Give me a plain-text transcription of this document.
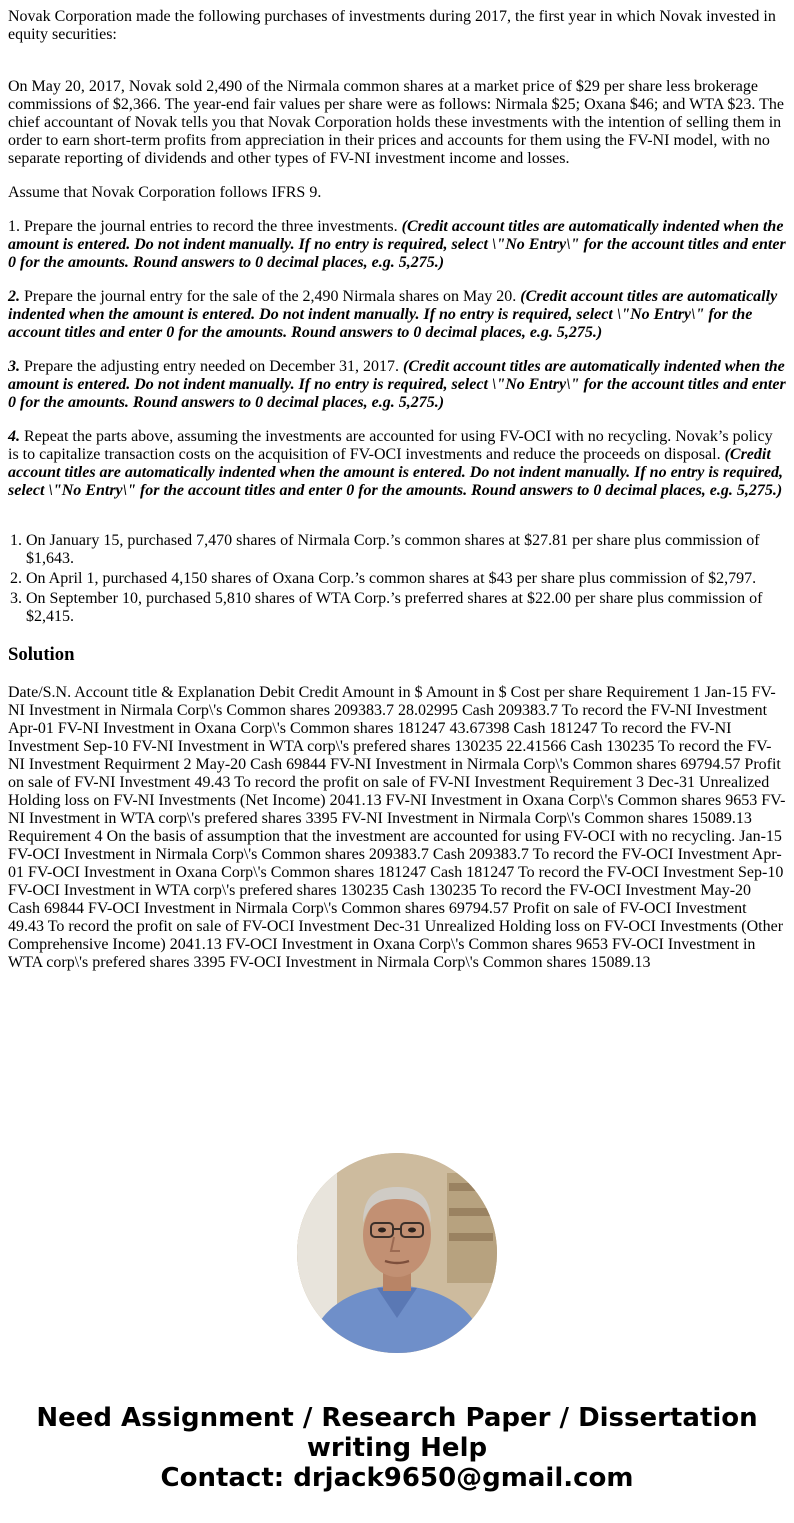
Novak Corporation made the following purchases of investments during 2017, the first year in which Novak invested in equity securities:

On May 20, 2017, Novak sold 2,490 of the Nirmala common shares at a market price of $29 per share less brokerage commissions of $2,366. The year-end fair values per share were as follows: Nirmala $25; Oxana $46; and WTA $23. The chief accountant of Novak tells you that Novak Corporation holds these investments with the intention of selling them in order to earn short-term profits from appreciation in their prices and accounts for them using the FV-NI model, with no separate reporting of dividends and other types of FV-NI investment income and losses.

Assume that Novak Corporation follows IFRS 9.

1. Prepare the journal entries to record the three investments. (Credit account titles are automatically indented when the amount is entered. Do not indent manually. If no entry is required, select \"No Entry\" for the account titles and enter 0 for the amounts. Round answers to 0 decimal places, e.g. 5,275.)

2. Prepare the journal entry for the sale of the 2,490 Nirmala shares on May 20. (Credit account titles are automatically indented when the amount is entered. Do not indent manually. If no entry is required, select \"No Entry\" for the account titles and enter 0 for the amounts. Round answers to 0 decimal places, e.g. 5,275.)

3. Prepare the adjusting entry needed on December 31, 2017. (Credit account titles are automatically indented when the amount is entered. Do not indent manually. If no entry is required, select \"No Entry\" for the account titles and enter 0 for the amounts. Round answers to 0 decimal places, e.g. 5,275.)

4. Repeat the parts above, assuming the investments are accounted for using FV-OCI with no recycling. Novak’s policy is to capitalize transaction costs on the acquisition of FV-OCI investments and reduce the proceeds on disposal. (Credit account titles are automatically indented when the amount is entered. Do not indent manually. If no entry is required, select \"No Entry\" for the account titles and enter 0 for the amounts. Round answers to 0 decimal places, e.g. 5,275.)

1. On January 15, purchased 7,470 shares of Nirmala Corp.’s common shares at $27.81 per share plus commission of $1,643.
2. On April 1, purchased 4,150 shares of Oxana Corp.’s common shares at $43 per share plus commission of $2,797.
3. On September 10, purchased 5,810 shares of WTA Corp.’s preferred shares at $22.00 per share plus commission of $2,415.
Solution

Date/S.N. Account title & Explanation Debit Credit Amount in $ Amount in $ Cost per share Requirement 1 Jan-15 FV-NI Investment in Nirmala Corp\'s Common shares 209383.7 28.02995 Cash 209383.7 To record the FV-NI Investment Apr-01 FV-NI Investment in Oxana Corp\'s Common shares 181247 43.67398 Cash 181247 To record the FV-NI Investment Sep-10 FV-NI Investment in WTA corp\'s prefered shares 130235 22.41566 Cash 130235 To record the FV-NI Investment Requirment 2 May-20 Cash 69844 FV-NI Investment in Nirmala Corp\'s Common shares 69794.57 Profit on sale of FV-NI Investment 49.43 To record the profit on sale of FV-NI Investment Requirement 3 Dec-31 Unrealized Holding loss on FV-NI Investments (Net Income) 2041.13 FV-NI Investment in Oxana Corp\'s Common shares 9653 FV-NI Investment in WTA corp\'s prefered shares 3395 FV-NI Investment in Nirmala Corp\'s Common shares 15089.13 Requirement 4 On the basis of assumption that the investment are accounted for using FV-OCI with no recycling. Jan-15 FV-OCI Investment in Nirmala Corp\'s Common shares 209383.7 Cash 209383.7 To record the FV-OCI Investment Apr-01 FV-OCI Investment in Oxana Corp\'s Common shares 181247 Cash 181247 To record the FV-OCI Investment Sep-10 FV-OCI Investment in WTA corp\'s prefered shares 130235 Cash 130235 To record the FV-OCI Investment May-20 Cash 69844 FV-OCI Investment in Nirmala Corp\'s Common shares 69794.57 Profit on sale of FV-OCI Investment 49.43 To record the profit on sale of FV-OCI Investment Dec-31 Unrealized Holding loss on FV-OCI Investments (Other Comprehensive Income) 2041.13 FV-OCI Investment in Oxana Corp\'s Common shares 9653 FV-OCI Investment in WTA corp\'s prefered shares 3395 FV-OCI Investment in Nirmala Corp\'s Common shares 15089.13

Need Assignment / Research Paper / Dissertation writing Help
Contact: drjack9650@gmail.com
